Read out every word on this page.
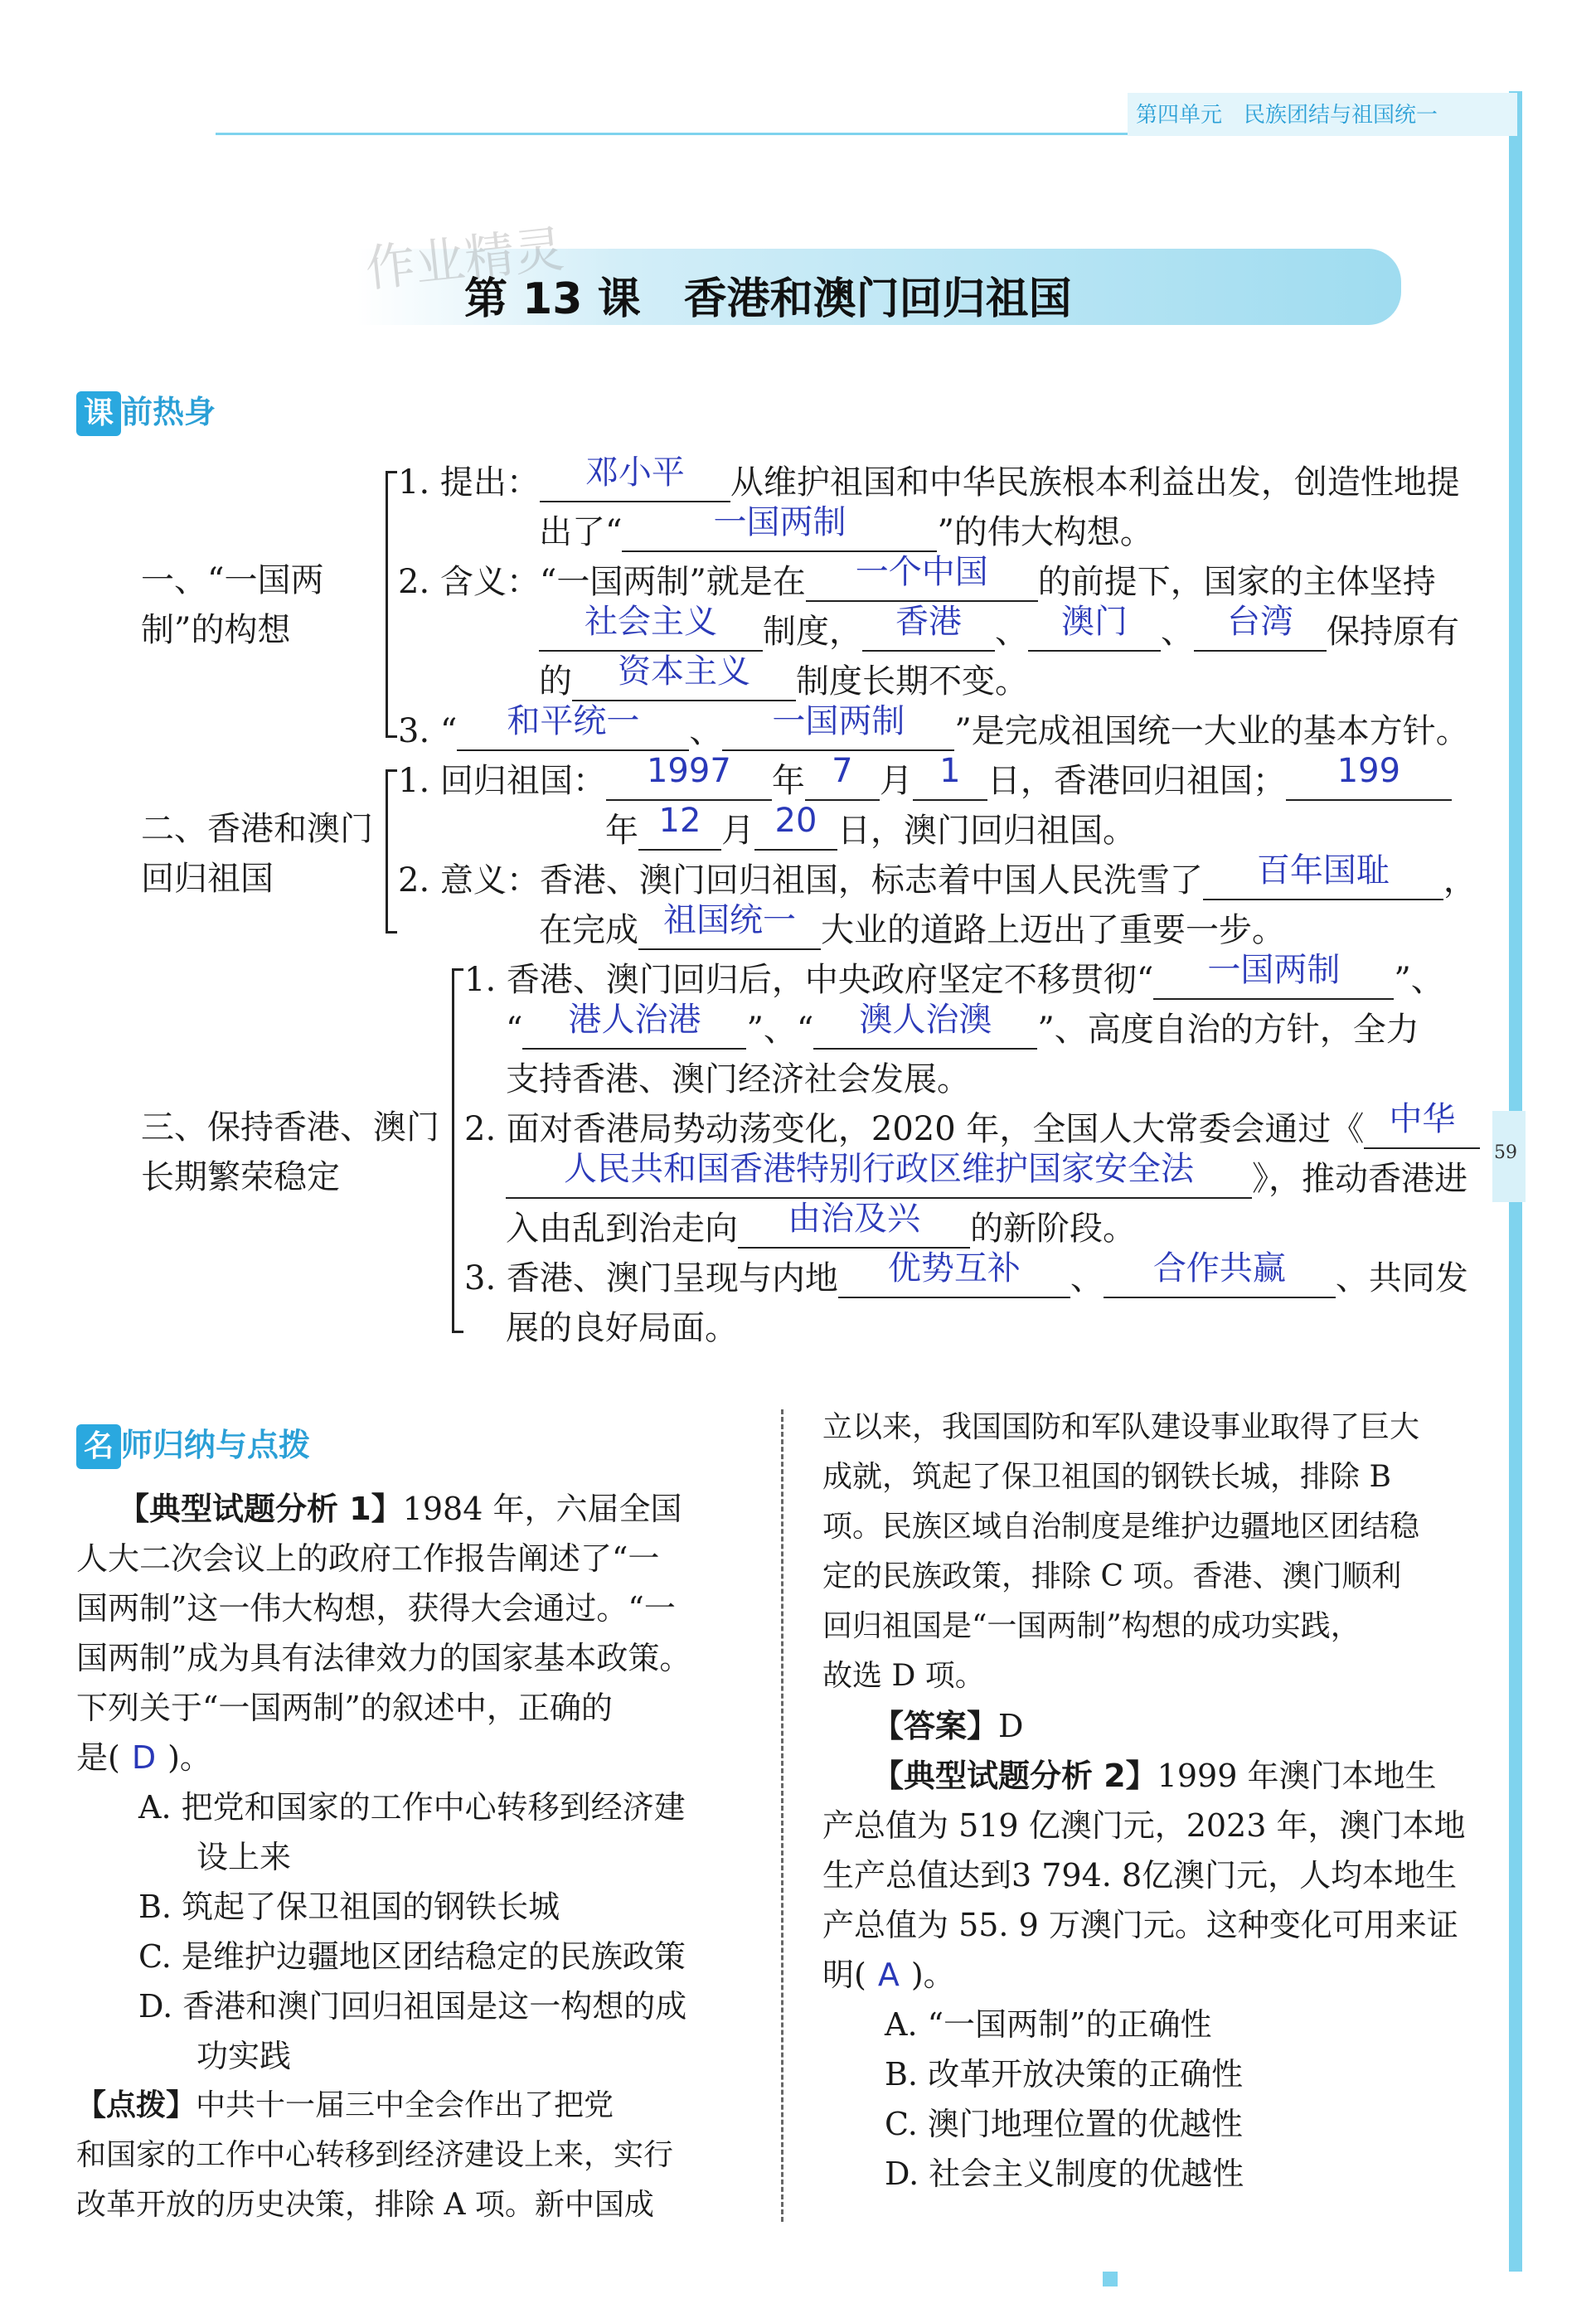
第四单元　民族团结与祖国统一
作业精灵
第 13 课　香港和澳门回归祖国
课 前热身
一、“一国两制”的构想
1. 提出： 邓小平 从维护祖国和中华民族根本利益出发，创造性地提
出了“	一国两制	”的伟大构想。
2. 含义：“一国两制”就是在 一个中国 的前提下，国家的主体坚持
社会主义 制度， 香港 、 澳门 、 台湾 保持原有
的 资本主义 制度长期不变。
3. “ 和平统一 、 一国两制 ”是完成祖国统一大业的基本方针。
二、香港和澳门回归祖国
1. 回归祖国： 1997 年 7 月 1 日，香港回归祖国； 199
年 12 月 20 日，澳门回归祖国。
2. 意义：香港、澳门回归祖国，标志着中国人民洗雪了 百年国耻 ，
在完成 祖国统一 大业的道路上迈出了重要一步。
三、保持香港、澳门长期繁荣稳定
1. 香港、澳门回归后，中央政府坚定不移贯彻“ 一国两制 ”、
“ 港人治港 ”、“ 澳人治澳 ”、高度自治的方针，全力
支持香港、澳门经济社会发展。
2. 面对香港局势动荡变化，2020 年，全国人大常委会通过《 中华
人民共和国香港特别行政区维护国家安全法 》，推动香港进
入由乱到治走向 由治及兴 的新阶段。
3. 香港、澳门呈现与内地 优势互补 、 合作共赢 、共同发
展的良好局面。
59
名 师归纳与点拨
【典型试题分析 1】1984 年，六届全国
人大二次会议上的政府工作报告阐述了“一
国两制”这一伟大构想，获得大会通过。“一
国两制”成为具有法律效力的国家基本政策。
下列关于“一国两制”的叙述中，正确的
是( D )。
A. 把党和国家的工作中心转移到经济建
设上来
B. 筑起了保卫祖国的钢铁长城
C. 是维护边疆地区团结稳定的民族政策
D. 香港和澳门回归祖国是这一构想的成
功实践
【点拨】中共十一届三中全会作出了把党
和国家的工作中心转移到经济建设上来，实行
改革开放的历史决策，排除 A 项。新中国成
立以来，我国国防和军队建设事业取得了巨大
成就，筑起了保卫祖国的钢铁长城，排除 B
项。民族区域自治制度是维护边疆地区团结稳
定的民族政策，排除 C 项。香港、澳门顺利
回归祖国是“一国两制”构想的成功实践，
故选 D 项。
【答案】D
【典型试题分析 2】1999 年澳门本地生
产总值为 519 亿澳门元，2023 年，澳门本地
生产总值达到3 794. 8亿澳门元，人均本地生
产总值为 55. 9 万澳门元。这种变化可用来证
明( A )。
A. “一国两制”的正确性
B. 改革开放决策的正确性
C. 澳门地理位置的优越性
D. 社会主义制度的优越性
